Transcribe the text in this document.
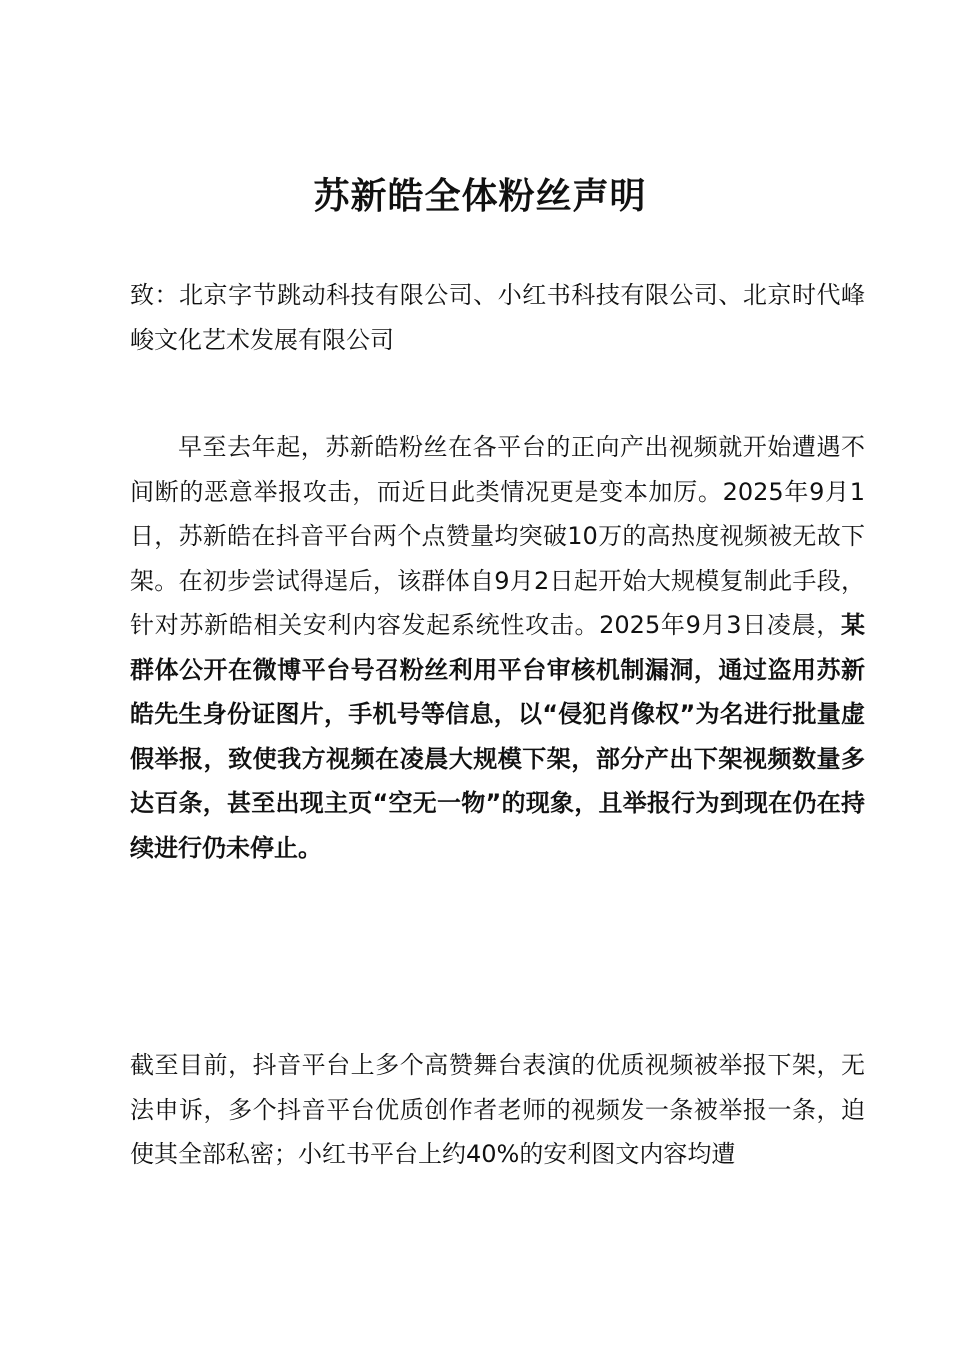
苏新皓全体粉丝声明

致：北京字节跳动科技有限公司、小红书科技有限公司、北京时代峰峻文化艺术发展有限公司

早至去年起，苏新皓粉丝在各平台的正向产出视频就开始遭遇不间断的恶意举报攻击，而近日此类情况更是变本加厉。2025年9月1日，苏新皓在抖音平台两个点赞量均突破10万的高热度视频被无故下架。在初步尝试得逞后，该群体自9月2日起开始大规模复制此手段，针对苏新皓相关安利内容发起系统性攻击。2025年9月3日凌晨，某群体公开在微博平台号召粉丝利用平台审核机制漏洞，通过盗用苏新皓先生身份证图片，手机号等信息，以“侵犯肖像权”为名进行批量虚假举报，致使我方视频在凌晨大规模下架，部分产出下架视频数量多达百条，甚至出现主页“空无一物”的现象，且举报行为到现在仍在持续进行仍未停止。

截至目前，抖音平台上多个高赞舞台表演的优质视频被举报下架，无法申诉，多个抖音平台优质创作者老师的视频发一条被举报一条，迫使其全部私密；小红书平台上约40%的安利图文内容均遭
